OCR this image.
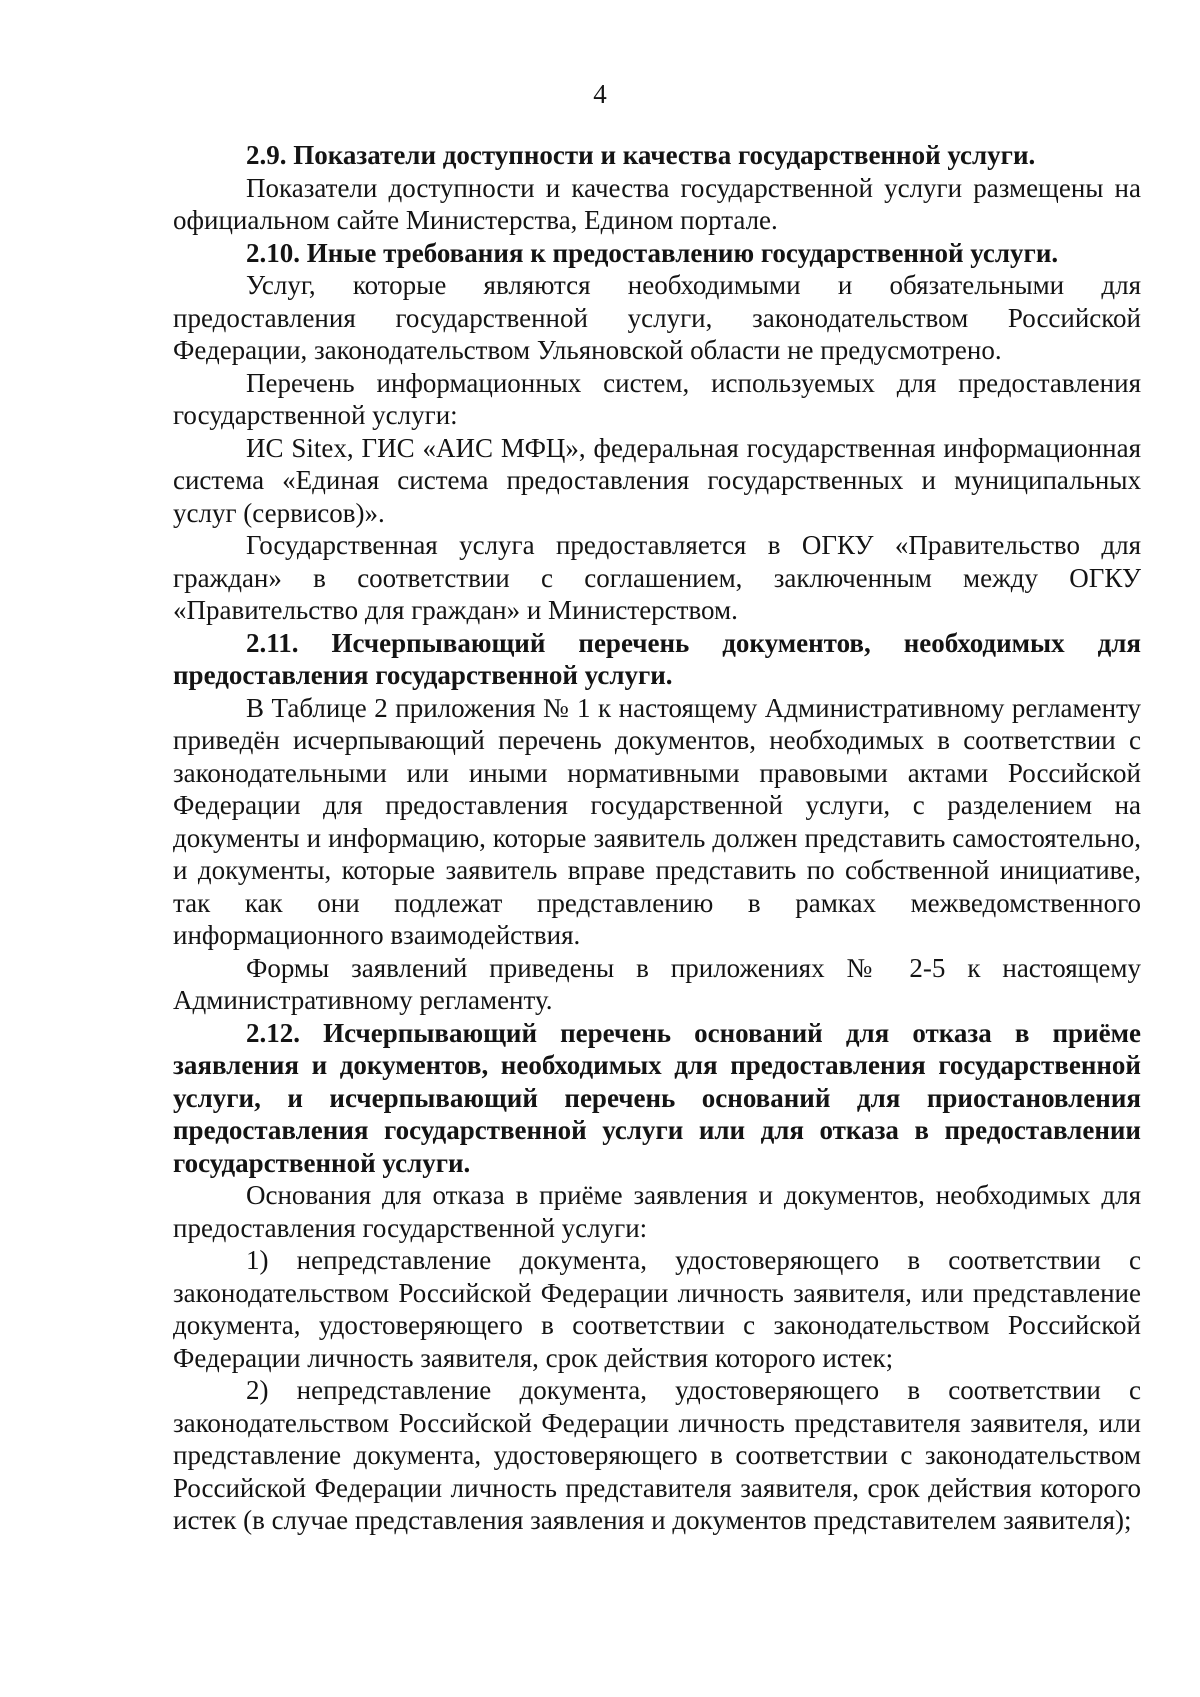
4

2.9. Показатели доступности и качества государственной услуги.

Показатели доступности и качества государственной услуги размещены на официальном сайте Министерства, Едином портале.

2.10. Иные требования к предоставлению государственной услуги.

Услуг, которые являются необходимыми и обязательными для предоставления государственной услуги, законодательством Российской Федерации, законодательством Ульяновской области не предусмотрено.

Перечень информационных систем, используемых для предоставления государственной услуги:

ИС Sitex, ГИС «АИС МФЦ», федеральная государственная информационная система «Единая система предоставления государственных и муниципальных услуг (сервисов)».

Государственная услуга предоставляется в ОГКУ «Правительство для граждан» в соответствии с соглашением, заключенным между ОГКУ «Правительство для граждан» и Министерством.

2.11. Исчерпывающий перечень документов, необходимых для предоставления государственной услуги.

В Таблице 2 приложения № 1 к настоящему Административному регламенту приведён исчерпывающий перечень документов, необходимых в соответствии с законодательными или иными нормативными правовыми актами Российской Федерации для предоставления государственной услуги, с разделением на документы и информацию, которые заявитель должен представить самостоятельно, и документы, которые заявитель вправе представить по собственной инициативе, так как они подлежат представлению в рамках межведомственного информационного взаимодействия.

Формы заявлений приведены в приложениях № 2-5 к настоящему Административному регламенту.

2.12. Исчерпывающий перечень оснований для отказа в приёме заявления и документов, необходимых для предоставления государственной услуги, и исчерпывающий перечень оснований для приостановления предоставления государственной услуги или для отказа в предоставлении государственной услуги.

Основания для отказа в приёме заявления и документов, необходимых для предоставления государственной услуги:

1) непредставление документа, удостоверяющего в соответствии с законодательством Российской Федерации личность заявителя, или представление документа, удостоверяющего в соответствии с законодательством Российской Федерации личность заявителя, срок действия которого истек;

2) непредставление документа, удостоверяющего в соответствии с законодательством Российской Федерации личность представителя заявителя, или представление документа, удостоверяющего в соответствии с законодательством Российской Федерации личность представителя заявителя, срок действия которого истек (в случае представления заявления и документов представителем заявителя);
